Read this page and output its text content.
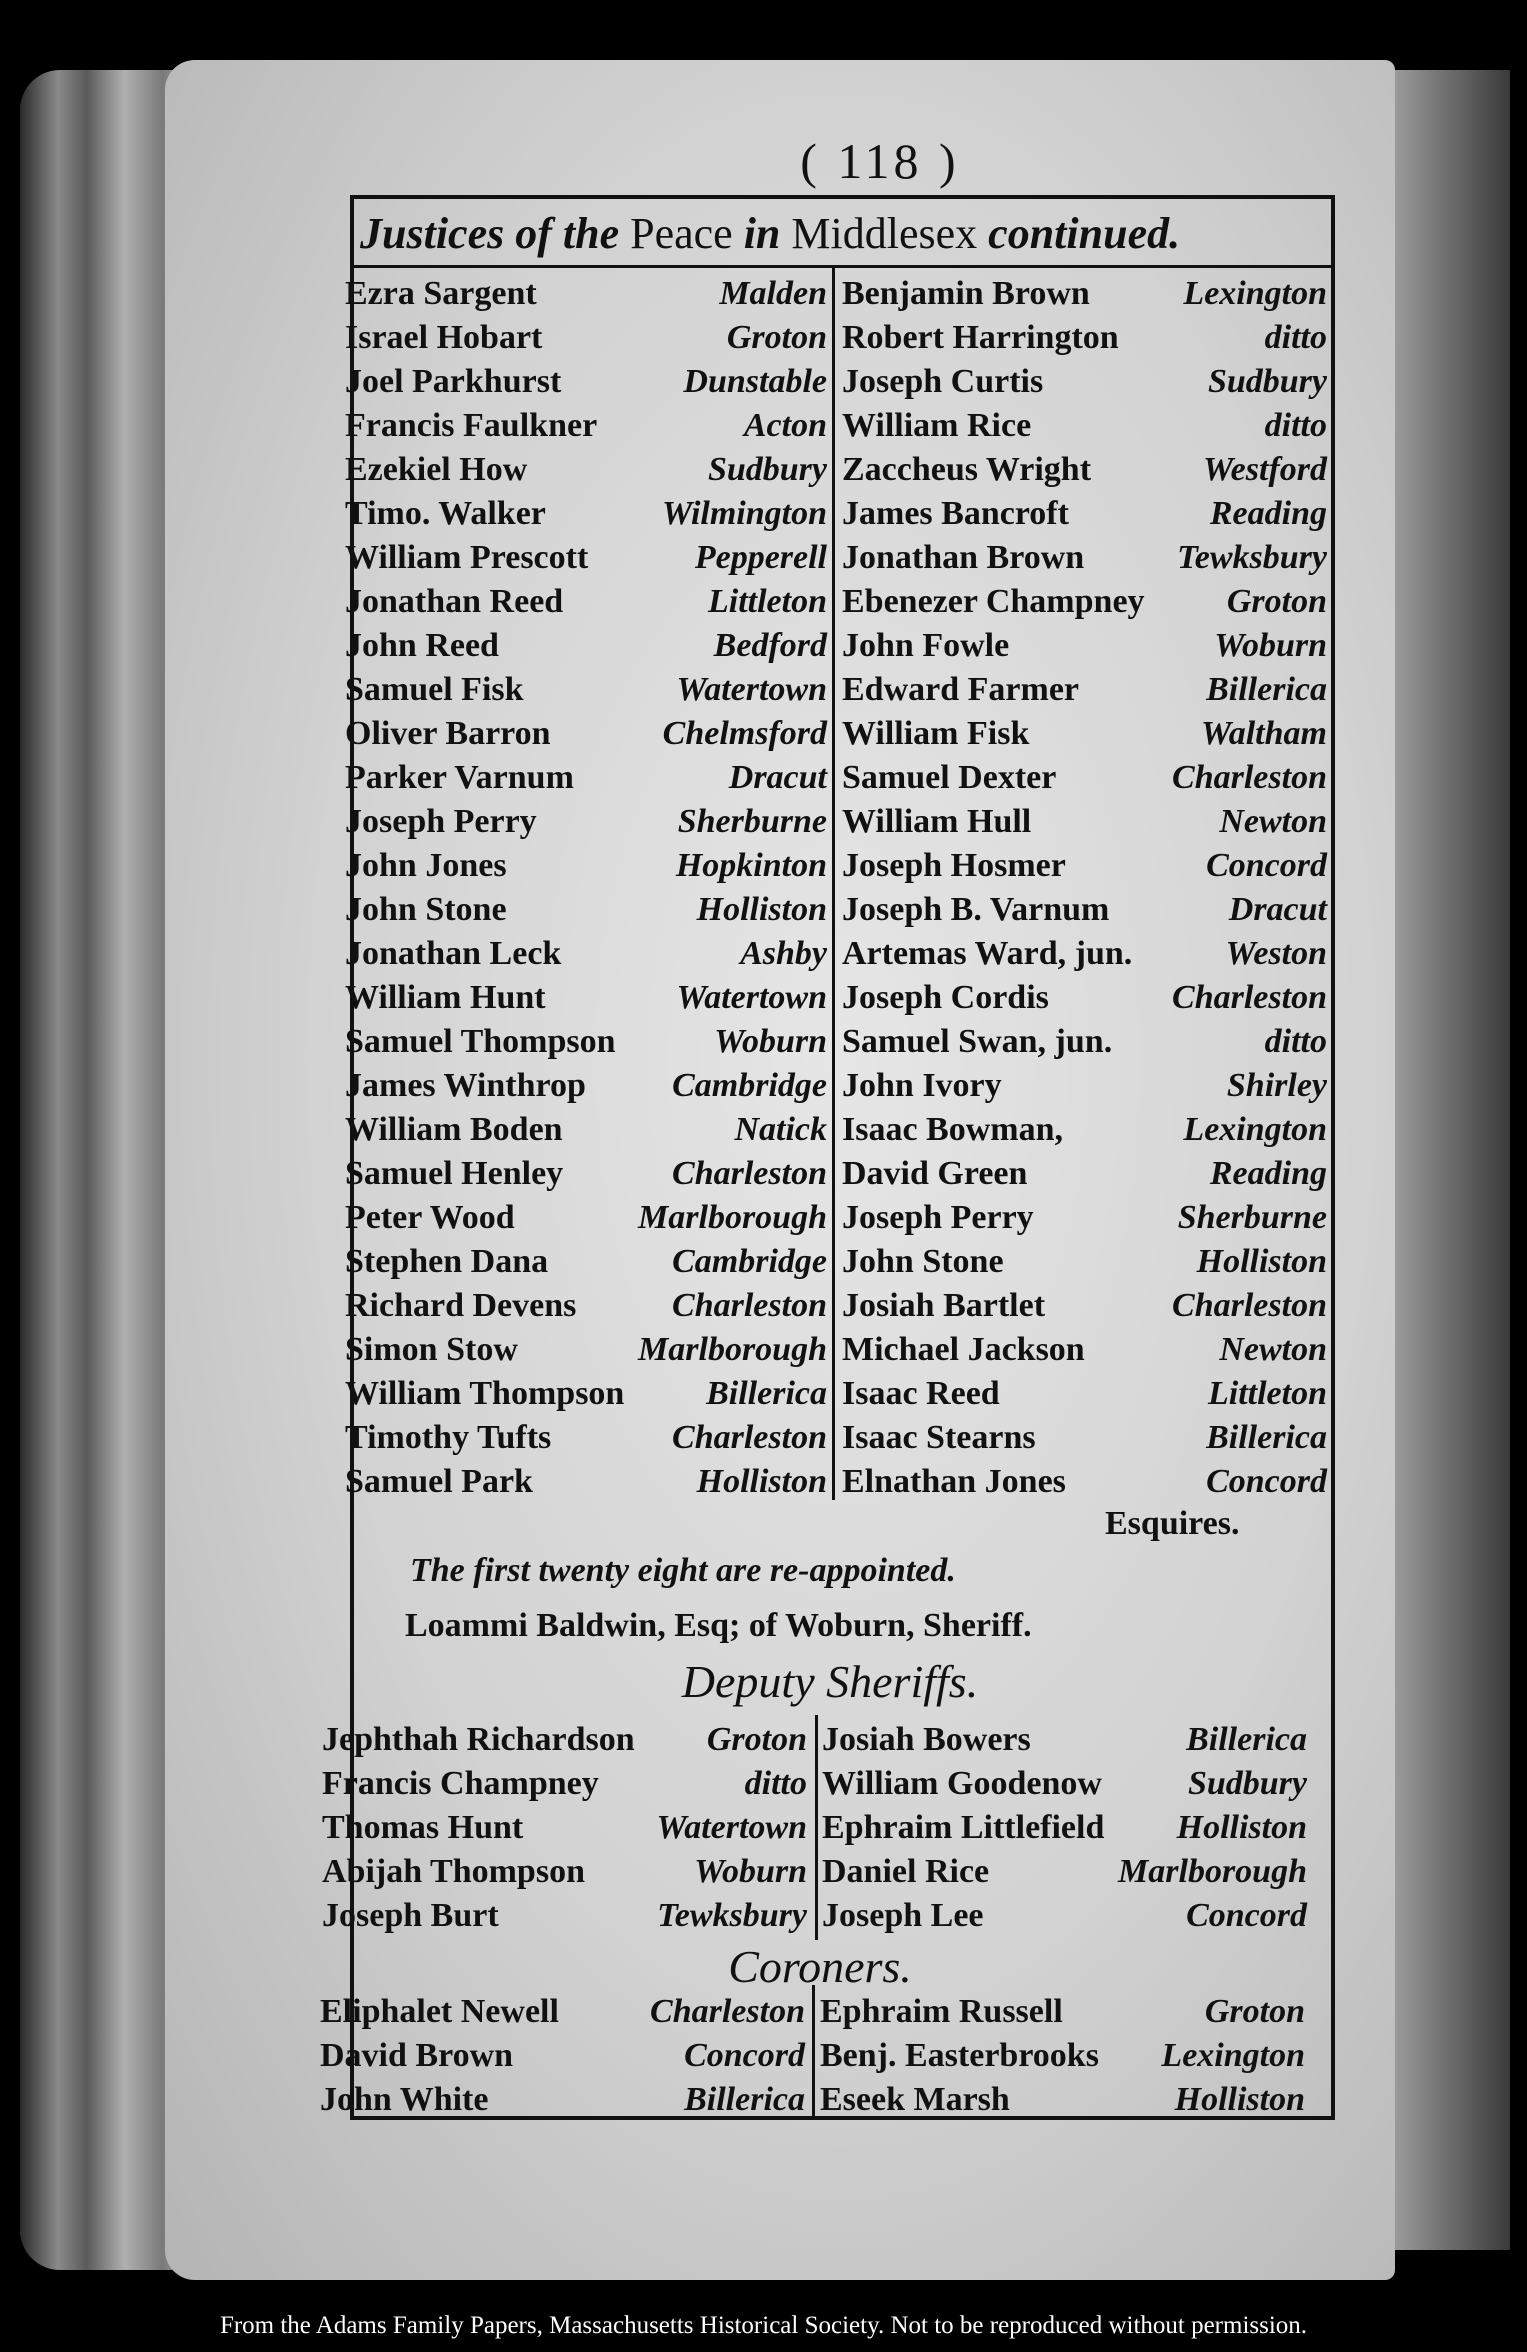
( 118 )
Justices of the Peace in Middlesex continued.
Ezra Sargent	Malden
Israel Hobart	Groton
Joel Parkhurst	Dunstable
Francis Faulkner	Acton
Ezekiel How	Sudbury
Timo. Walker	Wilmington
William Prescott	Pepperell
Jonathan Reed	Littleton
John Reed	Bedford
Samuel Fisk	Watertown
Oliver Barron	Chelmsford
Parker Varnum	Dracut
Joseph Perry	Sherburne
John Jones	Hopkinton
John Stone	Holliston
Jonathan Leck	Ashby
William Hunt	Watertown
Samuel Thompson	Woburn
James Winthrop	Cambridge
William Boden	Natick
Samuel Henley	Charleston
Peter Wood	Marlborough
Stephen Dana	Cambridge
Richard Devens	Charleston
Simon Stow	Marlborough
William Thompson Billerica
Timothy Tufts	Charleston
Samuel Park	Holliston
Benjamin Brown	Lexington
Robert Harrington	ditto
Joseph Curtis	Sudbury
William Rice	ditto
Zaccheus Wright	Westford
James Bancroft	Reading
Jonathan Brown	Tewksbury
Ebenezer Champney Groton
John Fowle	Woburn
Edward Farmer	Billerica
William Fisk	Waltham
Samuel Dexter	Charleston
William Hull	Newton
Joseph Hosmer	Concord
Joseph B. Varnum	Dracut
Artemas Ward, jun.	Weston
Joseph Cordis	Charleston
Samuel Swan, jun.	ditto
John Ivory	Shirley
Isaac Bowman,	Lexington
David Green	Reading
Joseph Perry	Sherburne
John Stone	Holliston
Josiah Bartlet	Charleston
Michael Jackson	Newton
Isaac Reed	Littleton
Isaac Stearns	Billerica
Elnathan Jones	Concord
Esquires.
The first twenty eight are re-appointed.
Loammi Baldwin, Esq; of Woburn, Sheriff.
Deputy Sheriffs.
Jephthah Richardson Groton
Francis Champney	ditto
Thomas Hunt	Watertown
Abijah Thompson	Woburn
Joseph Burt	Tewksbury
Josiah Bowers	Billerica
William Goodenow	Sudbury
Ephraim Littlefield Holliston
Daniel Rice	Marlborough
Joseph Lee	Concord
Coroners.
Eliphalet Newell	Charleston
David Brown	Concord
John White	Billerica
Ephraim Russell	Groton
Benj. Easterbrooks Lexington
Eseek Marsh	Holliston
From the Adams Family Papers, Massachusetts Historical Society. Not to be reproduced without permission.
